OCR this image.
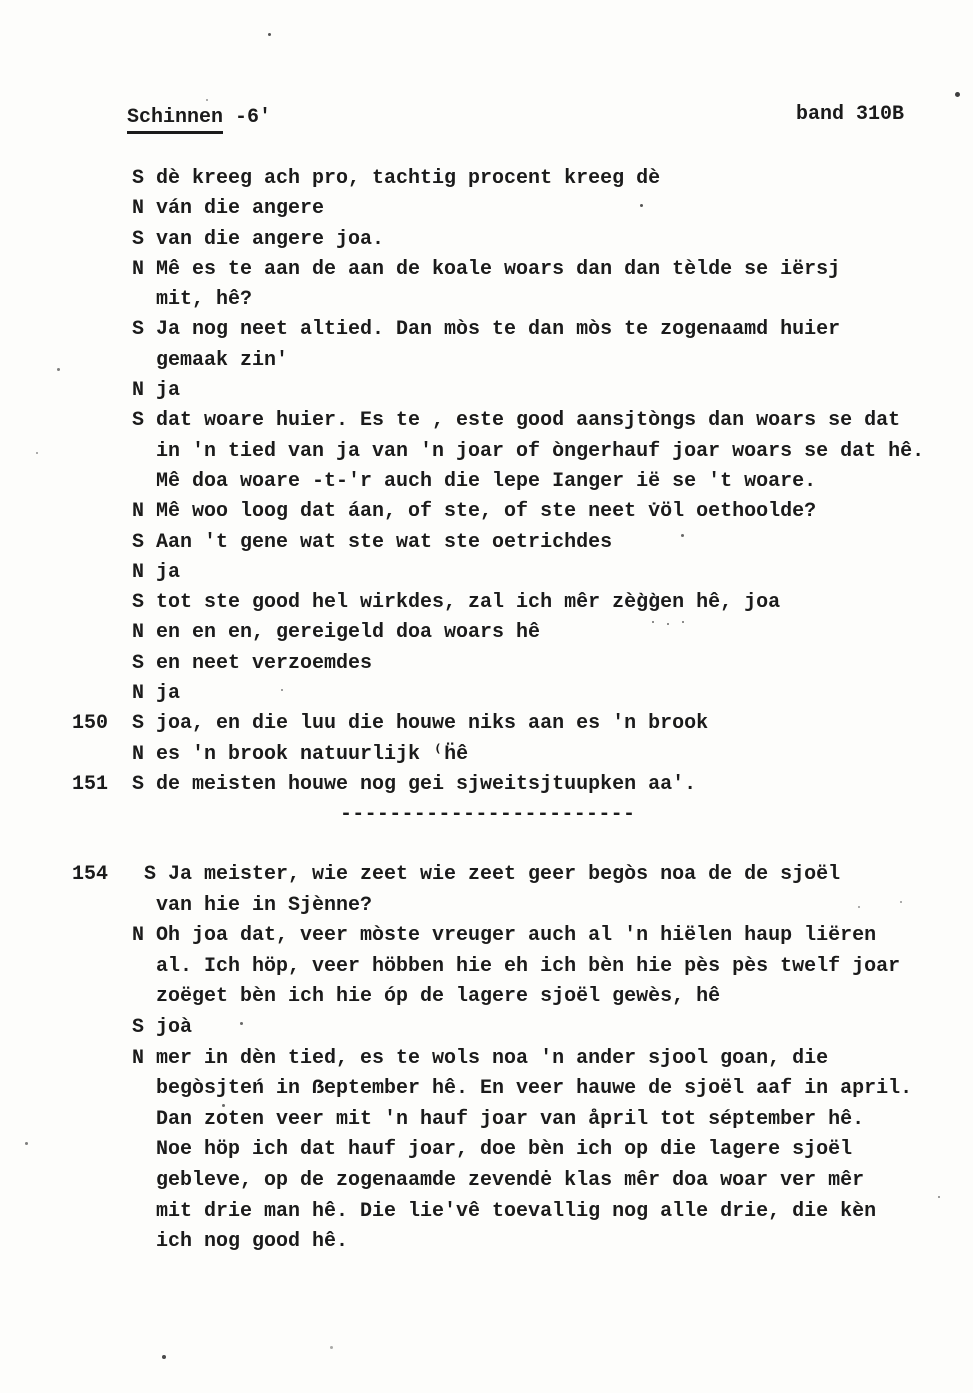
Schinnen -6'	band 310B
S dè kreeg ach pro, tachtig procent kreeg dè
N ván die angere
S van die angere joa.
N Mê es te aan de aan de koale woars dan dan tèlde se iërsj
mit, hê?
S Ja nog neet altied. Dan mòs te dan mòs te zogenaamd huier
gemaak zin'
N ja
S dat woare huier. Es te , este good aansjtòngs dan woars se dat
in 'n tied van ja van 'n joar of òngerhauf joar woars se dat hê.
Mê doa woare -t-'r auch die lepe Ianger ië se 't woare.
N Mê woo loog dat áan, of ste, of ste neet v̇öl oethoolde?
S Aan 't gene wat ste wat ste oetrichdes
N ja
S tot ste good hel wirkdes, zal ich mêr zèg̀g̀en hê, joa
N en en en, gereigeld doa woars hê
S en neet verzoemdes
N ja
150 S joa, en die luu die houwe niks aan es 'n brook
N es 'n brook natuurlijk ⁽ḧê
151 S de meisten houwe nog gei sjweitsjtuupken aa'.
------------------------
154 S Ja meister, wie zeet wie zeet geer begòs noa de de sjoël
van hie in Sjènne?
N Oh joa dat, veer mòste vreuger auch al 'n hiëlen haup liëren
al. Ich höp, veer höbben hie eh ich bèn hie pès pès twelf joar
zoëget bèn ich hie óp de lagere sjoël gewès, hê
S joà
N mer in dèn tied, es te wols noa 'n ander sjool goan, die
begòsjteń in ẞeptember hê. En veer hauwe de sjoël aaf in april.
Dan zoten veer mit 'n hauf joar van åpril tot séptember hê.
Noe höp ich dat hauf joar, doe bèn ich op die lagere sjoël
gebleve, op de zogenaamde zevendė klas mêr doa woar ver mêr
mit drie man hê. Die lie'vê toevallig nog alle drie, die kèn
ich nog good hê.
